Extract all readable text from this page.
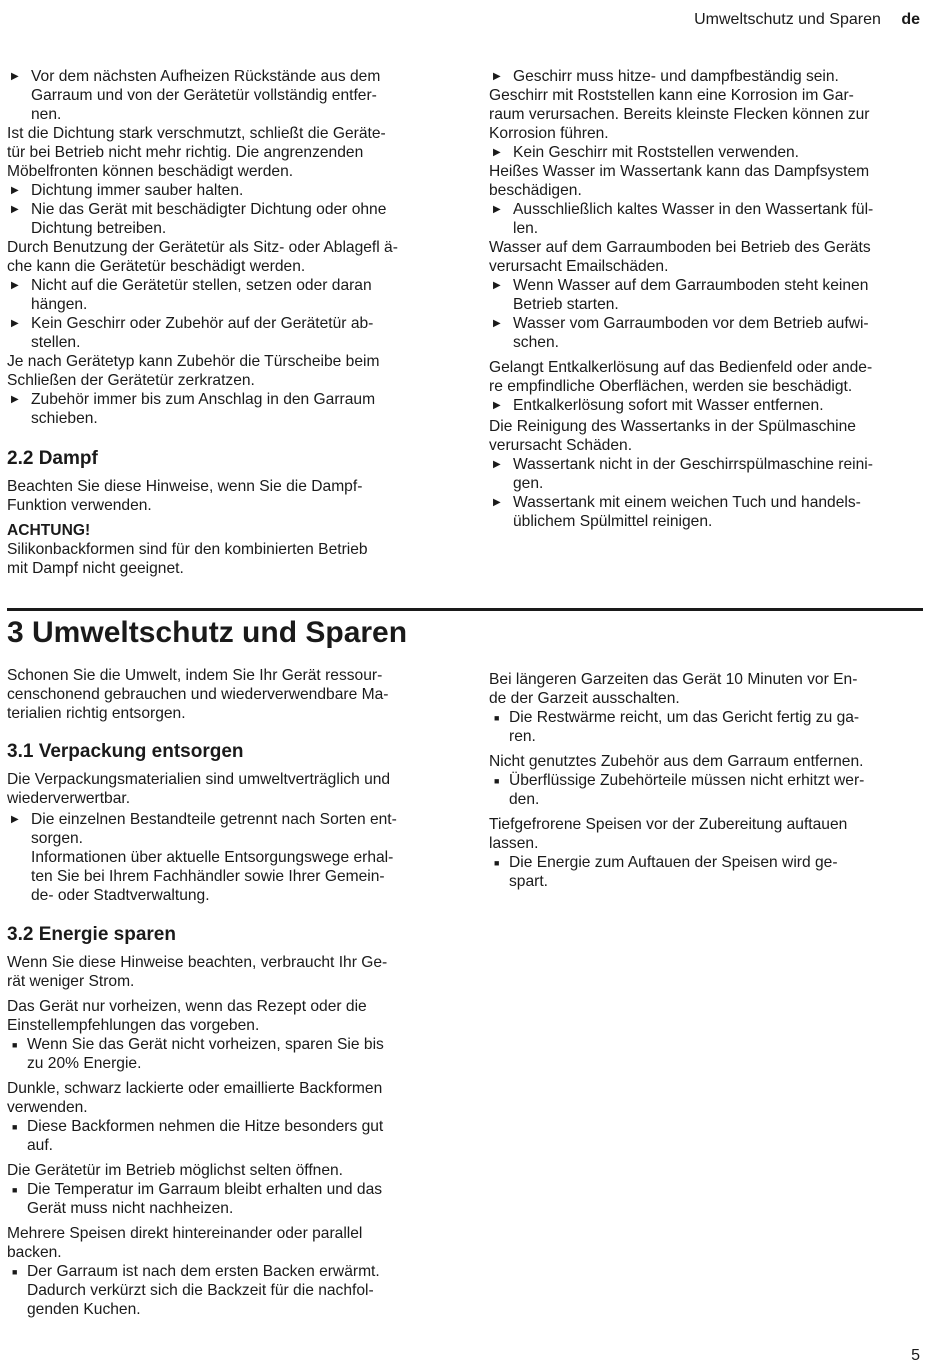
Umweltschutz und Sparen de
▶ Vor dem nächsten Aufheizen Rückstände aus dem
Garraum und von der Gerätetür vollständig entfer-
nen.
Ist die Dichtung stark verschmutzt, schließt die Geräte-
tür bei Betrieb nicht mehr richtig. Die angrenzenden
Möbelfronten können beschädigt werden.
▶ Dichtung immer sauber halten.
▶ Nie das Gerät mit beschädigter Dichtung oder ohne
Dichtung betreiben.
Durch Benutzung der Gerätetür als Sitz- oder Ablagefl ä-
che kann die Gerätetür beschädigt werden.
▶ Nicht auf die Gerätetür stellen, setzen oder daran
hängen.
▶ Kein Geschirr oder Zubehör auf der Gerätetür ab-
stellen.
Je nach Gerätetyp kann Zubehör die Türscheibe beim
Schließen der Gerätetür zerkratzen.
▶ Zubehör immer bis zum Anschlag in den Garraum
schieben.
2.2 Dampf

Beachten Sie diese Hinweise, wenn Sie die Dampf-
Funktion verwenden.

ACHTUNG!
Silikonbackformen sind für den kombinierten Betrieb
mit Dampf nicht geeignet.
▶ Geschirr muss hitze- und dampfbeständig sein.
Geschirr mit Roststellen kann eine Korrosion im Gar-
raum verursachen. Bereits kleinste Flecken können zur
Korrosion führen.
▶ Kein Geschirr mit Roststellen verwenden.
Heißes Wasser im Wassertank kann das Dampfsystem
beschädigen.
▶ Ausschließlich kaltes Wasser in den Wassertank fül-
len.
Wasser auf dem Garraumboden bei Betrieb des Geräts
verursacht Emailschäden.
▶ Wenn Wasser auf dem Garraumboden steht keinen
Betrieb starten.
▶ Wasser vom Garraumboden vor dem Betrieb aufwi-
schen.
Gelangt Entkalkerlösung auf das Bedienfeld oder ande-
re empfindliche Oberflächen, werden sie beschädigt.
▶ Entkalkerlösung sofort mit Wasser entfernen.
Die Reinigung des Wassertanks in der Spülmaschine
verursacht Schäden.
▶ Wassertank nicht in der Geschirrspülmaschine reini-
gen.
▶ Wassertank mit einem weichen Tuch und handels-
üblichem Spülmittel reinigen.
3 Umweltschutz und Sparen
Schonen Sie die Umwelt, indem Sie Ihr Gerät ressour-
censchonend gebrauchen und wiederverwendbare Ma-
terialien richtig entsorgen.
3.1 Verpackung entsorgen
Die Verpackungsmaterialien sind umweltverträglich und
wiederverwertbar.
▶ Die einzelnen Bestandteile getrennt nach Sorten ent-
sorgen.
Informationen über aktuelle Entsorgungswege erhal-
ten Sie bei Ihrem Fachhändler sowie Ihrer Gemein-
de- oder Stadtverwaltung.
3.2 Energie sparen

Wenn Sie diese Hinweise beachten, verbraucht Ihr Ge-
rät weniger Strom.

Das Gerät nur vorheizen, wenn das Rezept oder die
Einstellempfehlungen das vorgeben.
■ Wenn Sie das Gerät nicht vorheizen, sparen Sie bis
zu 20% Energie.
Dunkle, schwarz lackierte oder emaillierte Backformen
verwenden.
■ Diese Backformen nehmen die Hitze besonders gut
auf.
Die Gerätetür im Betrieb möglichst selten öffnen.
■ Die Temperatur im Garraum bleibt erhalten und das
Gerät muss nicht nachheizen.
Mehrere Speisen direkt hintereinander oder parallel
backen.
■ Der Garraum ist nach dem ersten Backen erwärmt.
Dadurch verkürzt sich die Backzeit für die nachfol-
genden Kuchen.
Bei längeren Garzeiten das Gerät 10 Minuten vor En-
de der Garzeit ausschalten.
■ Die Restwärme reicht, um das Gericht fertig zu ga-
ren.
Nicht genutztes Zubehör aus dem Garraum entfernen.
■ Überflüssige Zubehörteile müssen nicht erhitzt wer-
den.
Tiefgefrorene Speisen vor der Zubereitung auftauen
lassen.
■ Die Energie zum Auftauen der Speisen wird ge-
spart.
5
